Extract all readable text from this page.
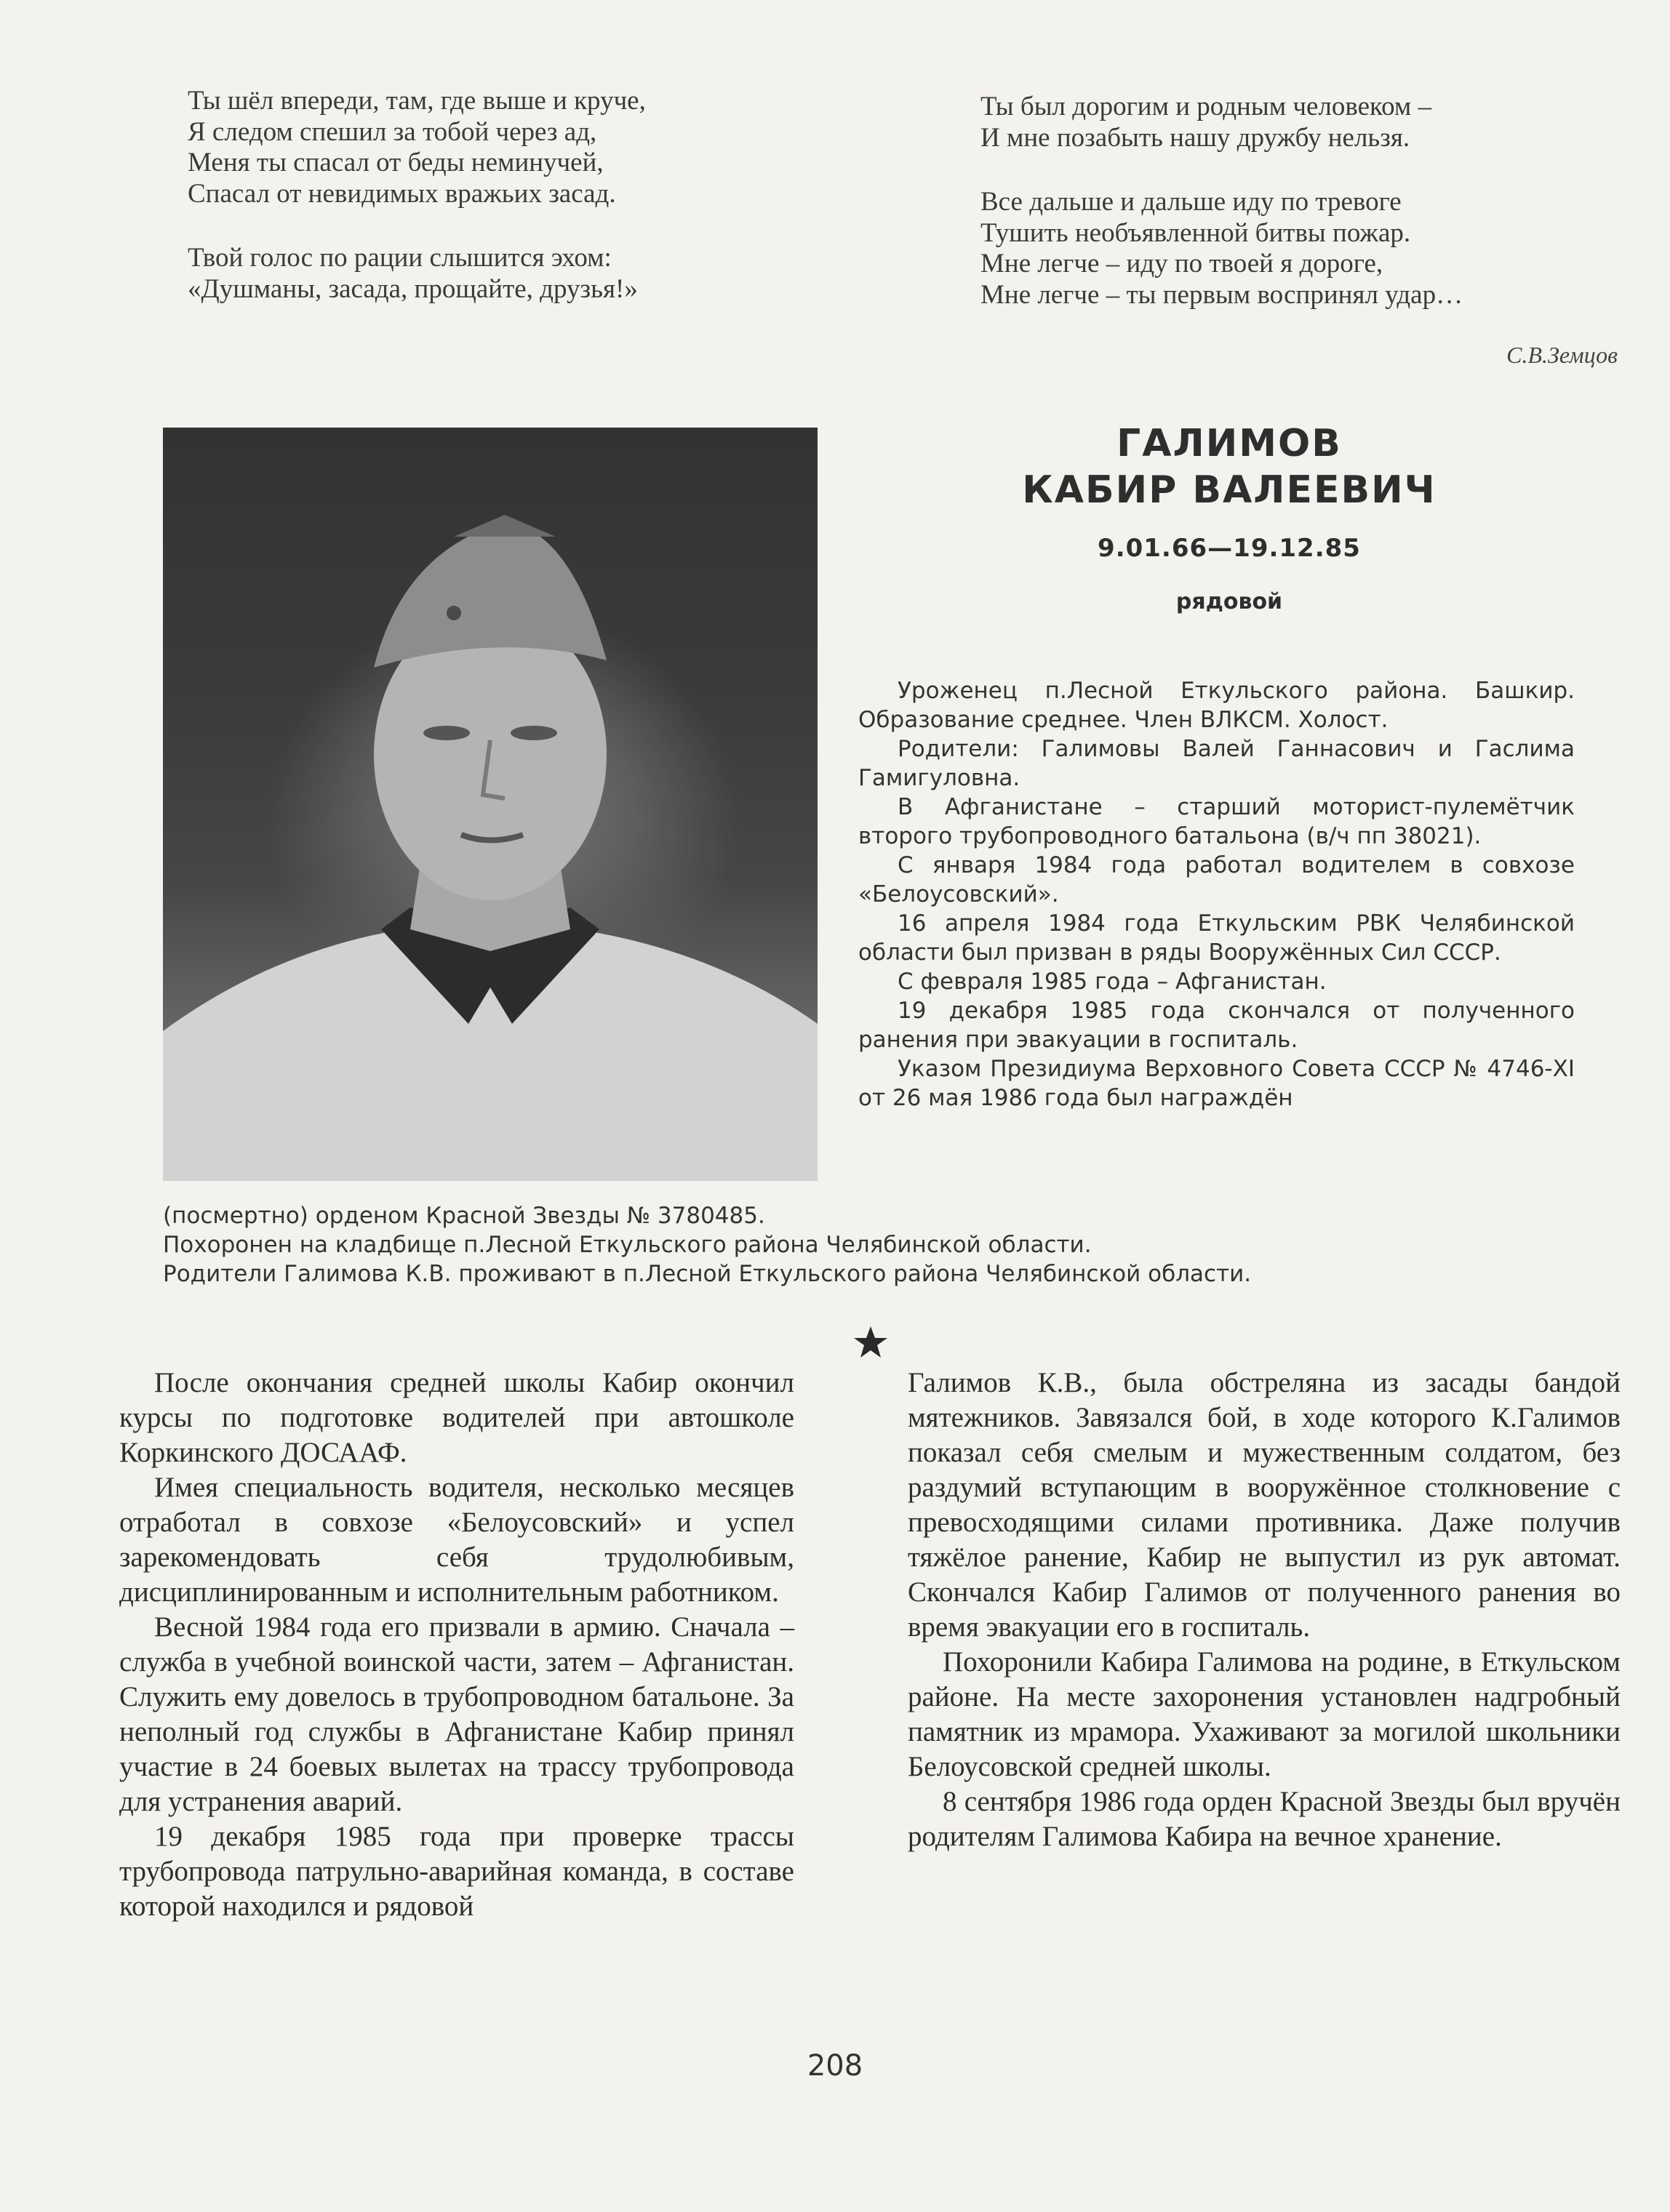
Ты шёл впереди, там, где выше и круче,
Я следом спешил за тобой через ад,
Меня ты спасал от беды неминучей,
Спасал от невидимых вражьих засад.
Твой голос по рации слышится эхом:
«Душманы, засада, прощайте, друзья!»
Ты был дорогим и родным человеком –
И мне позабыть нашу дружбу нельзя.
Все дальше и дальше иду по тревоге
Тушить необъявленной битвы пожар.
Мне легче – иду по твоей я дороге,
Мне легче – ты первым воспринял удар…
С.В.Земцов
ГАЛИМОВ
КАБИР ВАЛЕЕВИЧ
9.01.66—19.12.85
рядовой

Уроженец п.Лесной Еткульского района. Башкир. Образование среднее. Член ВЛКСМ. Холост.

Родители: Галимовы Валей Ганнасович и Гаслима Гамигуловна.

В Афганистане – старший моторист-пулемётчик второго трубопроводного батальона (в/ч пп 38021).

С января 1984 года работал водителем в совхозе «Белоусовский».

16 апреля 1984 года Еткульским РВК Челябинской области был призван в ряды Вооружённых Сил СССР.

С февраля 1985 года – Афганистан.

19 декабря 1985 года скончался от полученного ранения при эвакуации в госпиталь.

Указом Президиума Верховного Совета СССР № 4746-XI от 26 мая 1986 года был награждён

(посмертно) орденом Красной Звезды № 3780485.

Похоронен на кладбище п.Лесной Еткульского района Челябинской области.

Родители Галимова К.В. проживают в п.Лесной Еткульского района Челябинской области.

После окончания средней школы Кабир окончил курсы по подготовке водителей при автошколе Коркинского ДОСААФ.

Имея специальность водителя, несколько месяцев отработал в совхозе «Белоусовский» и успел зарекомендовать себя трудолюбивым, дисциплинированным и исполнительным работником.

Весной 1984 года его призвали в армию. Сначала – служба в учебной воинской части, затем – Афганистан. Служить ему довелось в трубопроводном батальоне. За неполный год службы в Афганистане Кабир принял участие в 24 боевых вылетах на трассу трубопровода для устранения аварий.

19 декабря 1985 года при проверке трассы трубопровода патрульно-аварийная команда, в составе которой находился и рядовой

Галимов К.В., была обстреляна из засады бандой мятежников. Завязался бой, в ходе которого К.Галимов показал себя смелым и мужественным солдатом, без раздумий вступающим в вооружённое столкновение с превосходящими силами противника. Даже получив тяжёлое ранение, Кабир не выпустил из рук автомат. Скончался Кабир Галимов от полученного ранения во время эвакуации его в госпиталь.

Похоронили Кабира Галимова на родине, в Еткульском районе. На месте захоронения установлен надгробный памятник из мрамора. Ухаживают за могилой школьники Белоусовской средней школы.

8 сентября 1986 года орден Красной Звезды был вручён родителям Галимова Кабира на вечное хранение.

208
